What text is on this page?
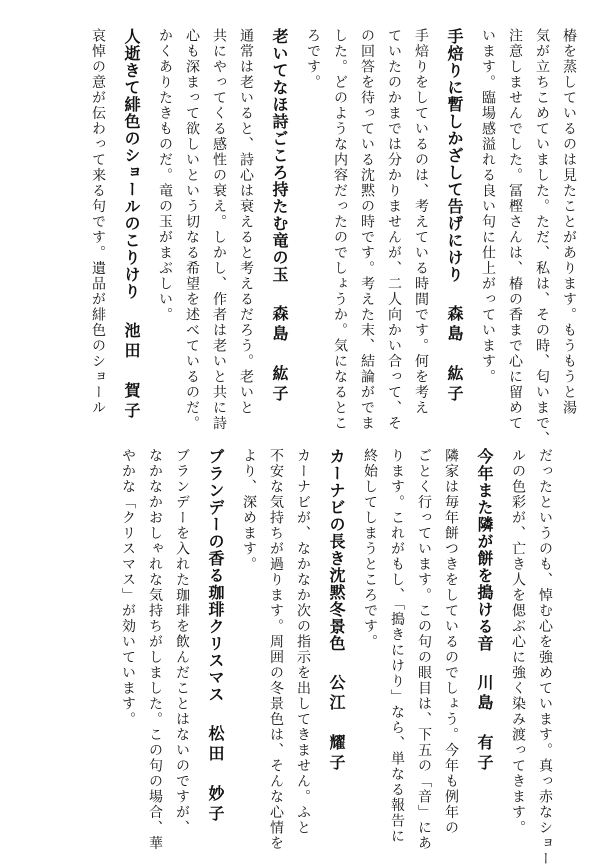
椿を蒸しているのは見たことがあります。もうもうと湯
気が立ちこめていました。ただ、私は、その時、匂いまで、
注意しませんでした。冨樫さんは、椿の香まで心に留めて
います。臨場感溢れる良い句に仕上がっています。
手焙りに暫しかざして告げにけり森島　紘子
手焙りをしているのは、考えている時間です。何を考え
ていたのかまでは分かりませんが、二人向かい合って、そ
の回答を待っている沈黙の時です。考えた末、結論がでま
した。どのような内容だったのでしょうか。気になるとこ
ろです。
老いてなほ詩ごころ持たむ竜の玉森島　紘子
通常は老いると、詩心は衰えると考えるだろう。老いと
共にやってくる感性の衰え。しかし、作者は老いと共に詩
心も深まって欲しいという切なる希望を述べているのだ。
かくありたきものだ。竜の玉がまぶしい。
人逝きて緋色のショールのこりけり池田　賀子
哀悼の意が伝わって来る句です。遺品が緋色のショール
だったというのも、悼む心を強めています。真っ赤なショー
ルの色彩が、亡き人を偲ぶ心に強く染み渡ってきます。
今年また隣が餅を搗ける音川島　有子
隣家は毎年餅つきをしているのでしょう。今年も例年の
ごとく行っています。この句の眼目は、下五の「音」にあ
ります。これがもし、「搗きにけり」なら、単なる報告に
終始してしまうところです。
カーナビの長き沈黙冬景色公江　耀子
カーナビが、なかなか次の指示を出してきません。ふと
不安な気持ちが過ります。周囲の冬景色は、そんな心情を
より、深めます。
ブランデーの香る珈琲クリスマス松田　妙子
ブランデーを入れた珈琲を飲んだことはないのですが、
なかなかおしゃれな気持ちがしました。この句の場合、華
やかな「クリスマス」が効いています。
